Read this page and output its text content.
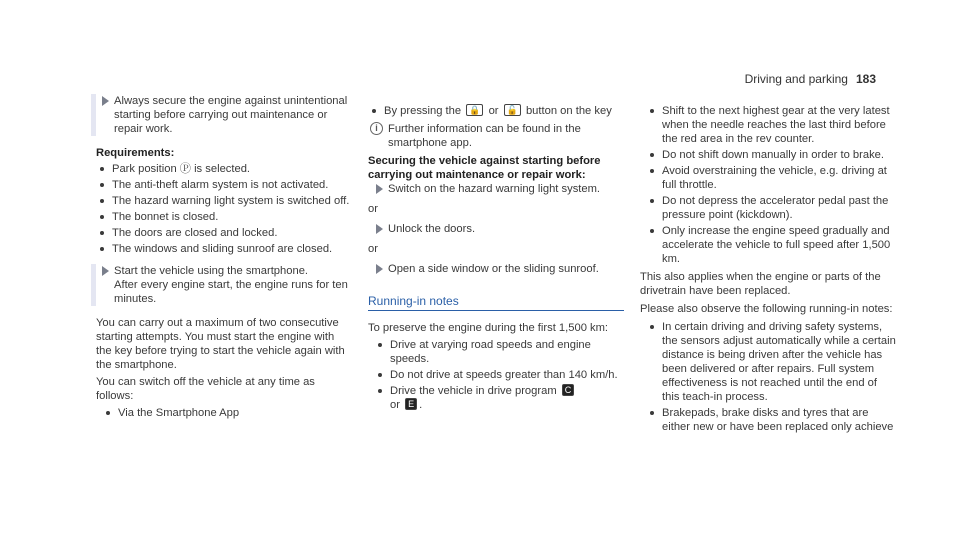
Driving and parking 183
Always secure the engine against unintentional starting before carrying out maintenance or repair work.
Requirements:
Park position Ⓟ is selected.
The anti-theft alarm system is not activated.
The hazard warning light system is switched off.
The bonnet is closed.
The doors are closed and locked.
The windows and sliding sunroof are closed.
Start the vehicle using the smartphone.
After every engine start, the engine runs for ten minutes.

You can carry out a maximum of two consecutive starting attempts. You must start the engine with the key before trying to start the vehicle again with the smartphone.

You can switch off the vehicle at any time as follows:

Via the Smartphone App
By pressing the 🔒 or 🔓 button on the key
i Further information can be found in the smartphone app.
Securing the vehicle against starting before carrying out maintenance or repair work:
Switch on the hazard warning light system.
or
Unlock the doors.
or
Open a side window or the sliding sunroof.
Running-in notes

To preserve the engine during the first 1,500 km:

Drive at varying road speeds and engine speeds.
Do not drive at speeds greater than 140 km/h.
Drive the vehicle in drive program C
or E .
Shift to the next highest gear at the very latest when the needle reaches the last third before the red area in the rev counter.
Do not shift down manually in order to brake.
Avoid overstraining the vehicle, e.g. driving at full throttle.
Do not depress the accelerator pedal past the pressure point (kickdown).
Only increase the engine speed gradually and accelerate the vehicle to full speed after 1,500 km.

This also applies when the engine or parts of the drivetrain have been replaced.

Please also observe the following running-in notes:

In certain driving and driving safety systems, the sensors adjust automatically while a certain distance is being driven after the vehicle has been delivered or after repairs. Full system effectiveness is not reached until the end of this teach-in process.
Brakepads, brake disks and tyres that are either new or have been replaced only achieve
